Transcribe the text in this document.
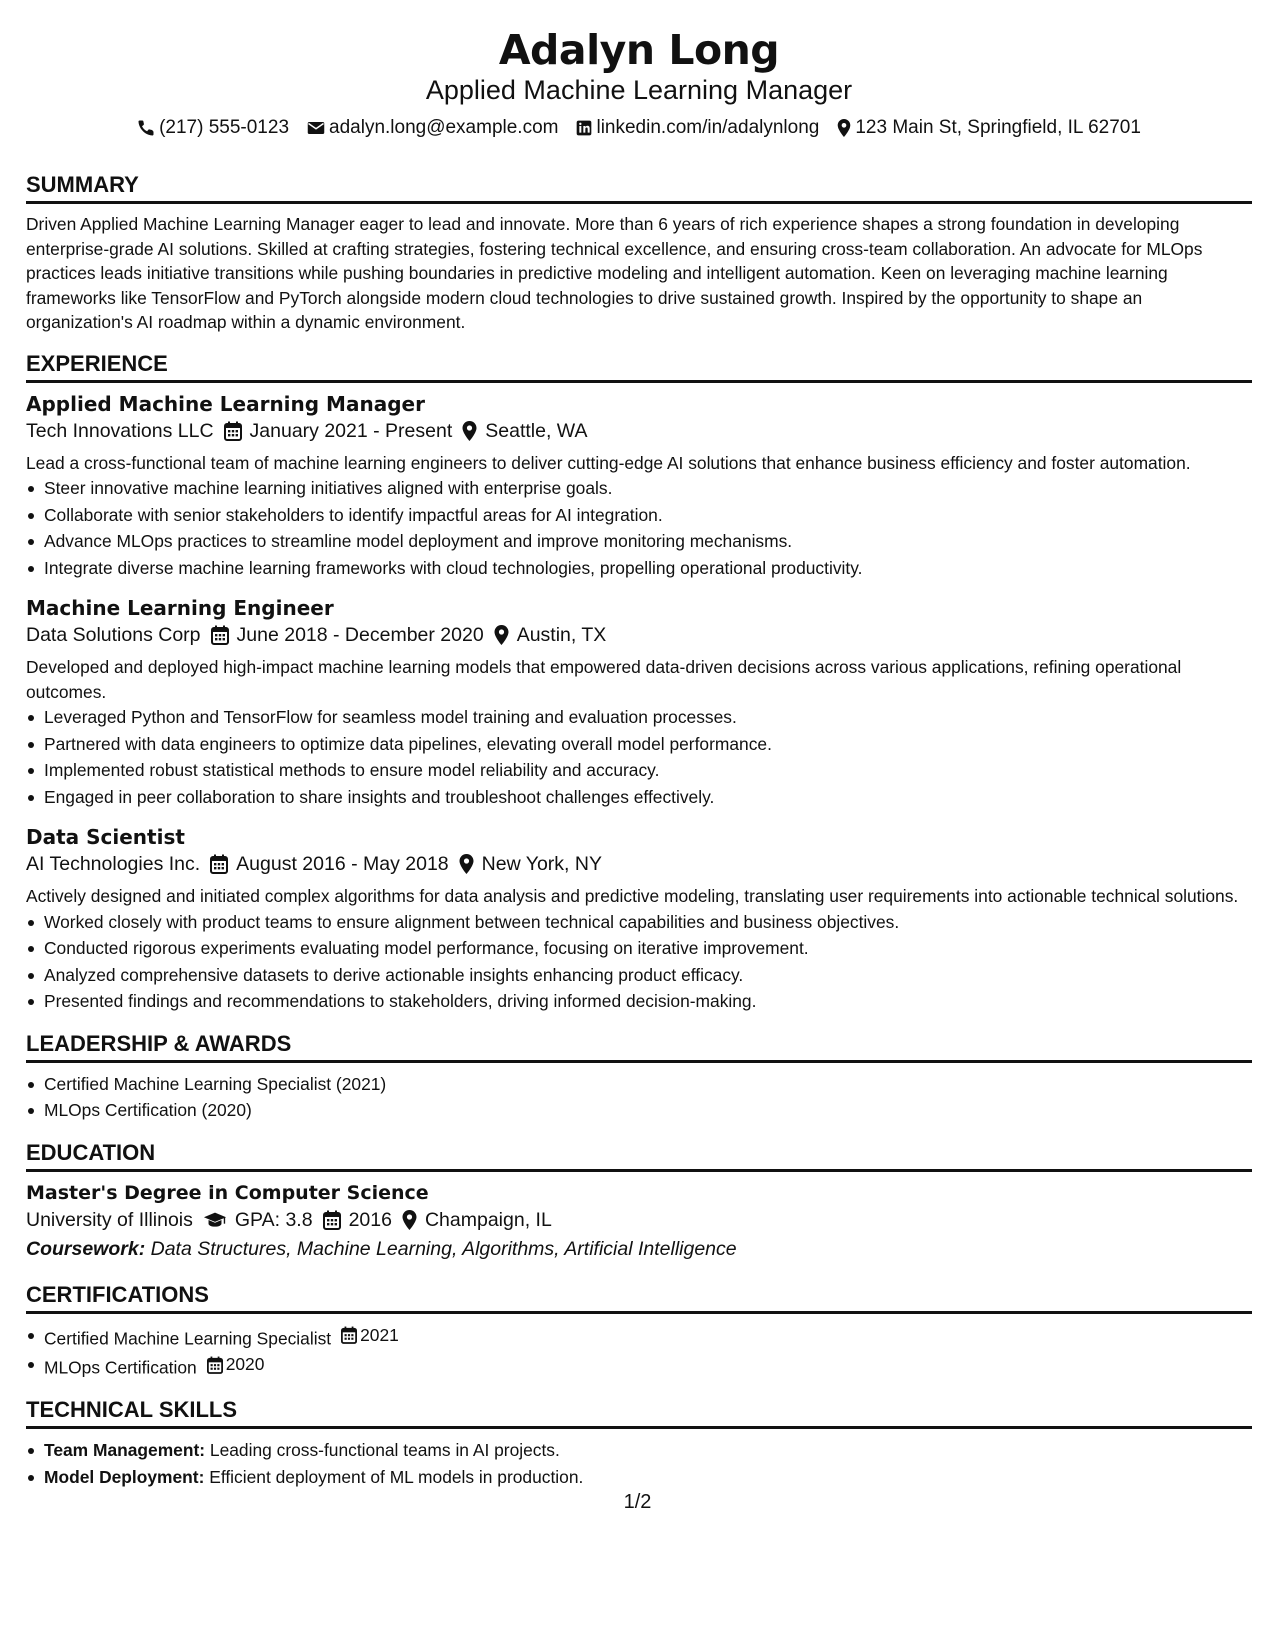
Adalyn Long
Applied Machine Learning Manager
(217) 555-0123 adalyn.long@example.com linkedin.com/in/adalynlong 123 Main St, Springfield, IL 62701
SUMMARY

Driven Applied Machine Learning Manager eager to lead and innovate. More than 6 years of rich experience shapes a strong foundation in developing enterprise-grade AI solutions. Skilled at crafting strategies, fostering technical excellence, and ensuring cross-team collaboration. An advocate for MLOps practices leads initiative transitions while pushing boundaries in predictive modeling and intelligent automation. Keen on leveraging machine learning frameworks like TensorFlow and PyTorch alongside modern cloud technologies to drive sustained growth. Inspired by the opportunity to shape an organization's AI roadmap within a dynamic environment.

EXPERIENCE
Applied Machine Learning Manager
Tech Innovations LLC January 2021 - Present Seattle, WA
Lead a cross-functional team of machine learning engineers to deliver cutting-edge AI solutions that enhance business efficiency and foster automation.
Steer innovative machine learning initiatives aligned with enterprise goals.
Collaborate with senior stakeholders to identify impactful areas for AI integration.
Advance MLOps practices to streamline model deployment and improve monitoring mechanisms.
Integrate diverse machine learning frameworks with cloud technologies, propelling operational productivity.
Machine Learning Engineer
Data Solutions Corp June 2018 - December 2020 Austin, TX
Developed and deployed high-impact machine learning models that empowered data-driven decisions across various applications, refining operational outcomes.
Leveraged Python and TensorFlow for seamless model training and evaluation processes.
Partnered with data engineers to optimize data pipelines, elevating overall model performance.
Implemented robust statistical methods to ensure model reliability and accuracy.
Engaged in peer collaboration to share insights and troubleshoot challenges effectively.
Data Scientist
AI Technologies Inc. August 2016 - May 2018 New York, NY
Actively designed and initiated complex algorithms for data analysis and predictive modeling, translating user requirements into actionable technical solutions.
Worked closely with product teams to ensure alignment between technical capabilities and business objectives.
Conducted rigorous experiments evaluating model performance, focusing on iterative improvement.
Analyzed comprehensive datasets to derive actionable insights enhancing product efficacy.
Presented findings and recommendations to stakeholders, driving informed decision-making.
LEADERSHIP & AWARDS
Certified Machine Learning Specialist (2021)
MLOps Certification (2020)
EDUCATION
Master's Degree in Computer Science
University of Illinois GPA: 3.8 2016 Champaign, IL
Coursework: Data Structures, Machine Learning, Algorithms, Artificial Intelligence
CERTIFICATIONS
Certified Machine Learning Specialist 2021
MLOps Certification 2020
TECHNICAL SKILLS
Team Management: Leading cross-functional teams in AI projects.
Model Deployment: Efficient deployment of ML models in production.
1/2
